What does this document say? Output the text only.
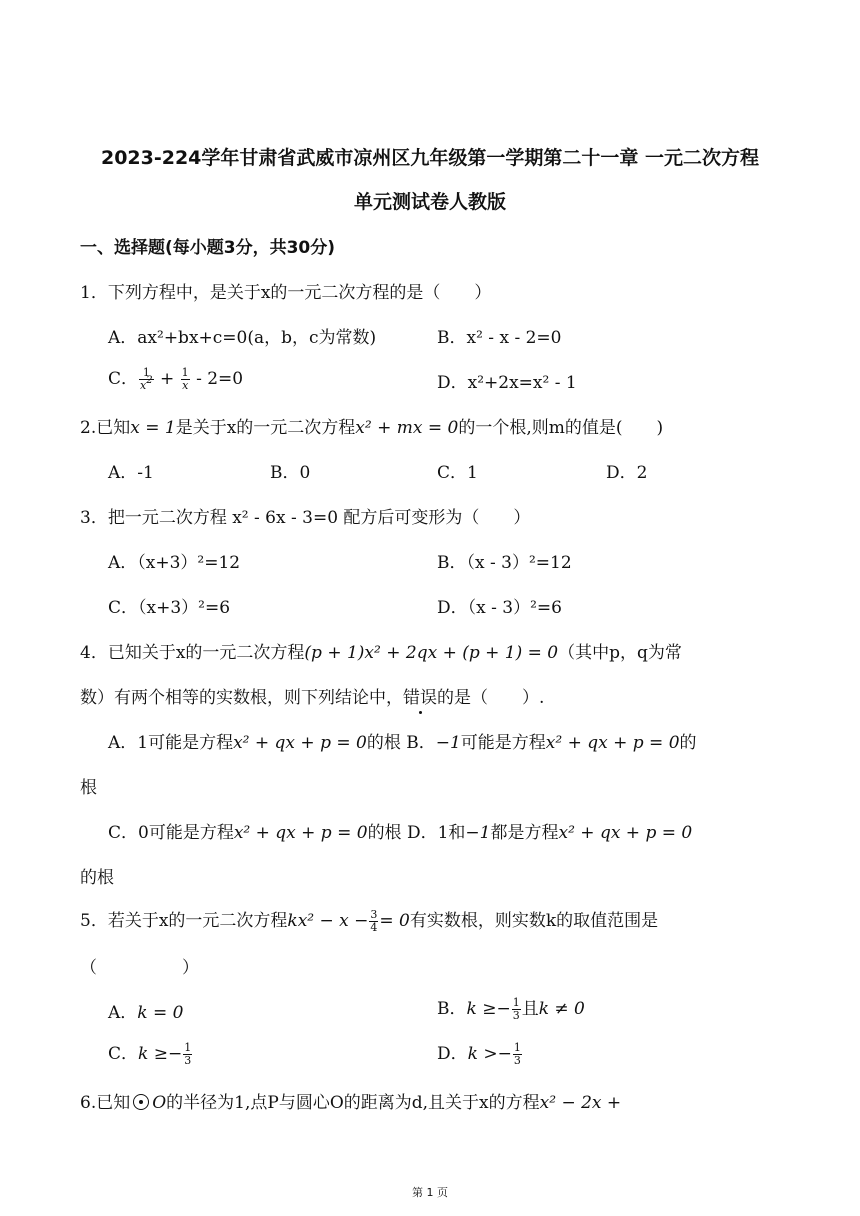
2023-224学年甘肃省武威市凉州区九年级第一学期第二十一章 一元二次方程
单元测试卷人教版
一、选择题(每小题3分，共30分)
1．下列方程中，是关于x的一元二次方程的是（　　）
A．ax²+bx+c=0(a，b，c为常数)	B．x² - x - 2=0
C． $\frac{1}{x^2} + \frac{1}{x} - 2=0$	D．x²+2x=x² - 1
2.已知x = 1是关于x的一元二次方程x² + mx = 0的一个根,则m的值是(　　)
A．-1	B．0	C．1	D．2
3．把一元二次方程 x² - 6x - 3=0 配方后可变形为（　　）
A．（x+3）²=12	B．（x - 3）²=12
C．（x+3）²=6	D．（x - 3）²=6
4．已知关于x的一元二次方程(p + 1)x² + 2qx + (p + 1) = 0（其中p，q为常
数）有两个相等的实数根，则下列结论中，错误的是（　　）.
A．1可能是方程x² + qx + p = 0的根 B．−1可能是方程x² + qx + p = 0的
根
C．0可能是方程x² + qx + p = 0的根 D．1和−1都是方程x² + qx + p = 0
的根
5．若关于x的一元二次方程$kx^2 - x - \frac{3}{4} = 0$有实数根，则实数k的取值范围是
（　　　　　）
A．k = 0	B．$k \ge- \frac{1}{3}$ 且k ≠ 0
C．$k \ge- \frac{1}{3}$	D．$k >- \frac{1}{3}$
6.已知 O的半径为1,点P与圆心O的距离为d,且关于x的方程x² − 2x +
第 1 页
